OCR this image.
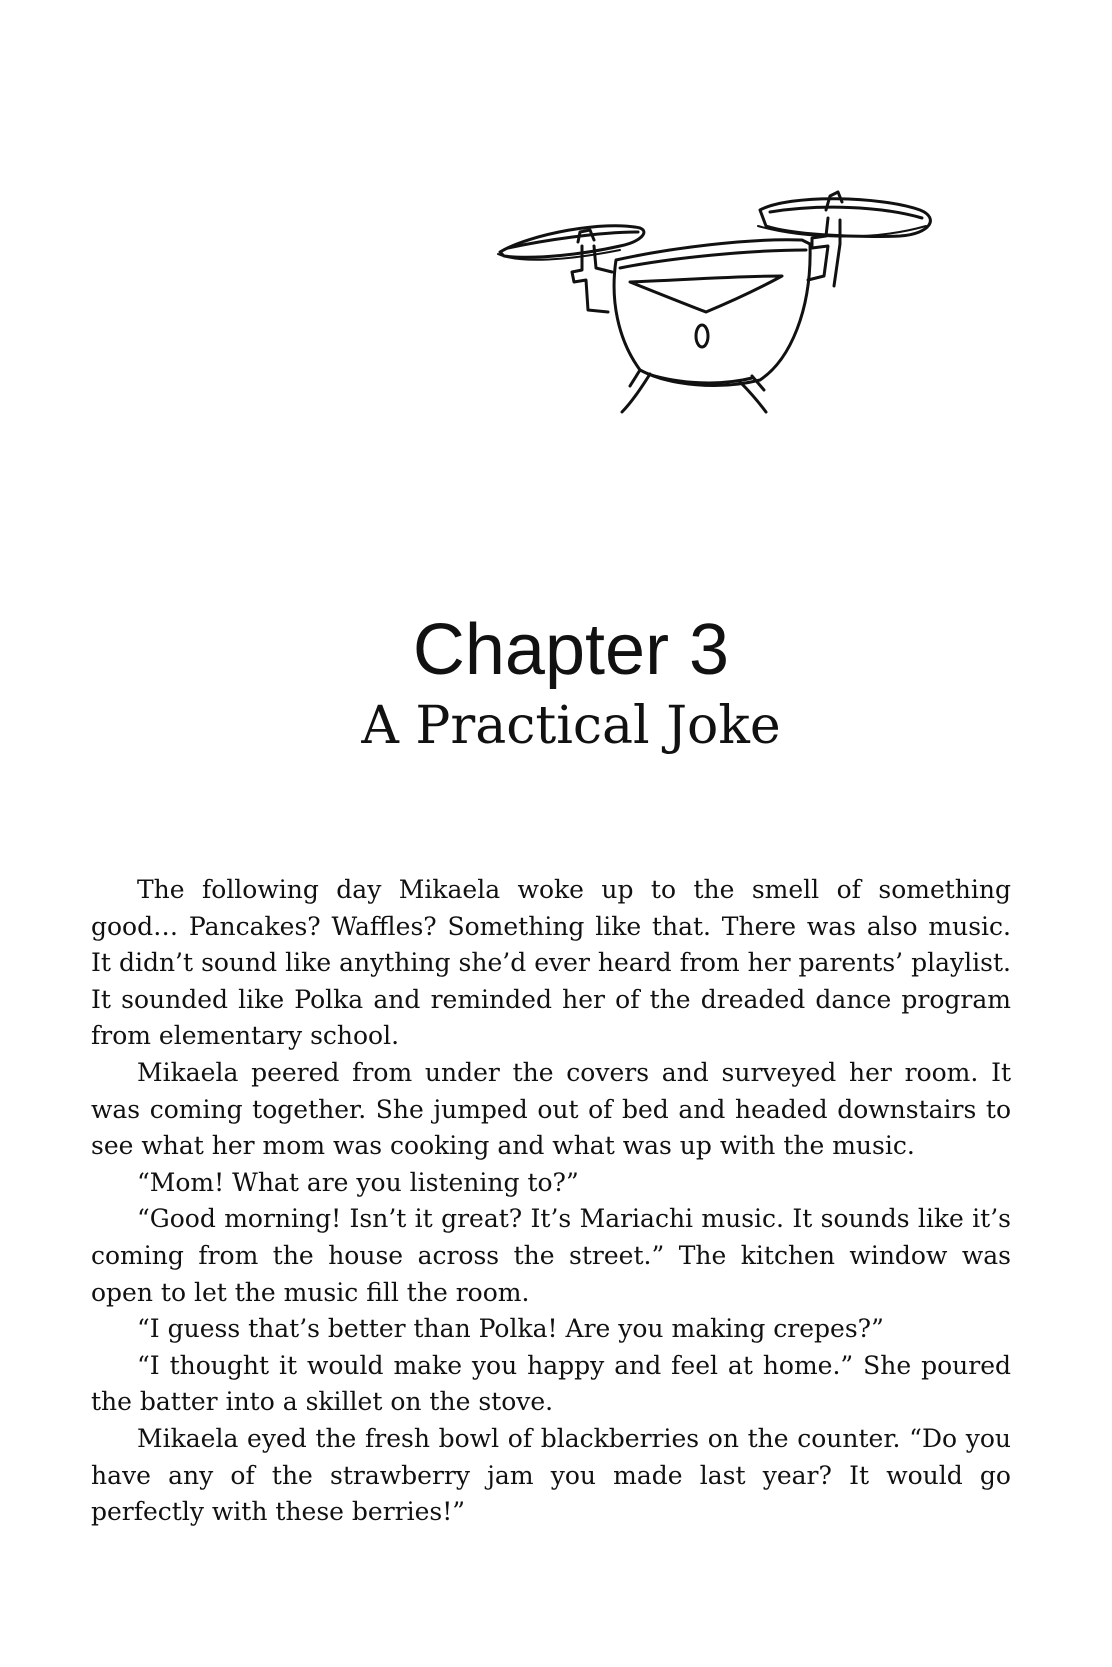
Chapter 3
A Practical Joke

The following day Mikaela woke up to the smell of something good… Pancakes? Waffles? Something like that. There was also music. It didn’t sound like anything she’d ever heard from her parents’ playlist. It sounded like Polka and reminded her of the dreaded dance program from elementary school.

Mikaela peered from under the covers and surveyed her room. It was coming together. She jumped out of bed and headed downstairs to see what her mom was cooking and what was up with the music.

“Mom! What are you listening to?”

“Good morning! Isn’t it great? It’s Mariachi music. It sounds like it’s coming from the house across the street.” The kitchen window was open to let the music fill the room.

“I guess that’s better than Polka! Are you making crepes?”

“I thought it would make you happy and feel at home.” She poured the batter into a skillet on the stove.

Mikaela eyed the fresh bowl of blackberries on the counter. “Do you have any of the strawberry jam you made last year? It would go perfectly with these berries!”
